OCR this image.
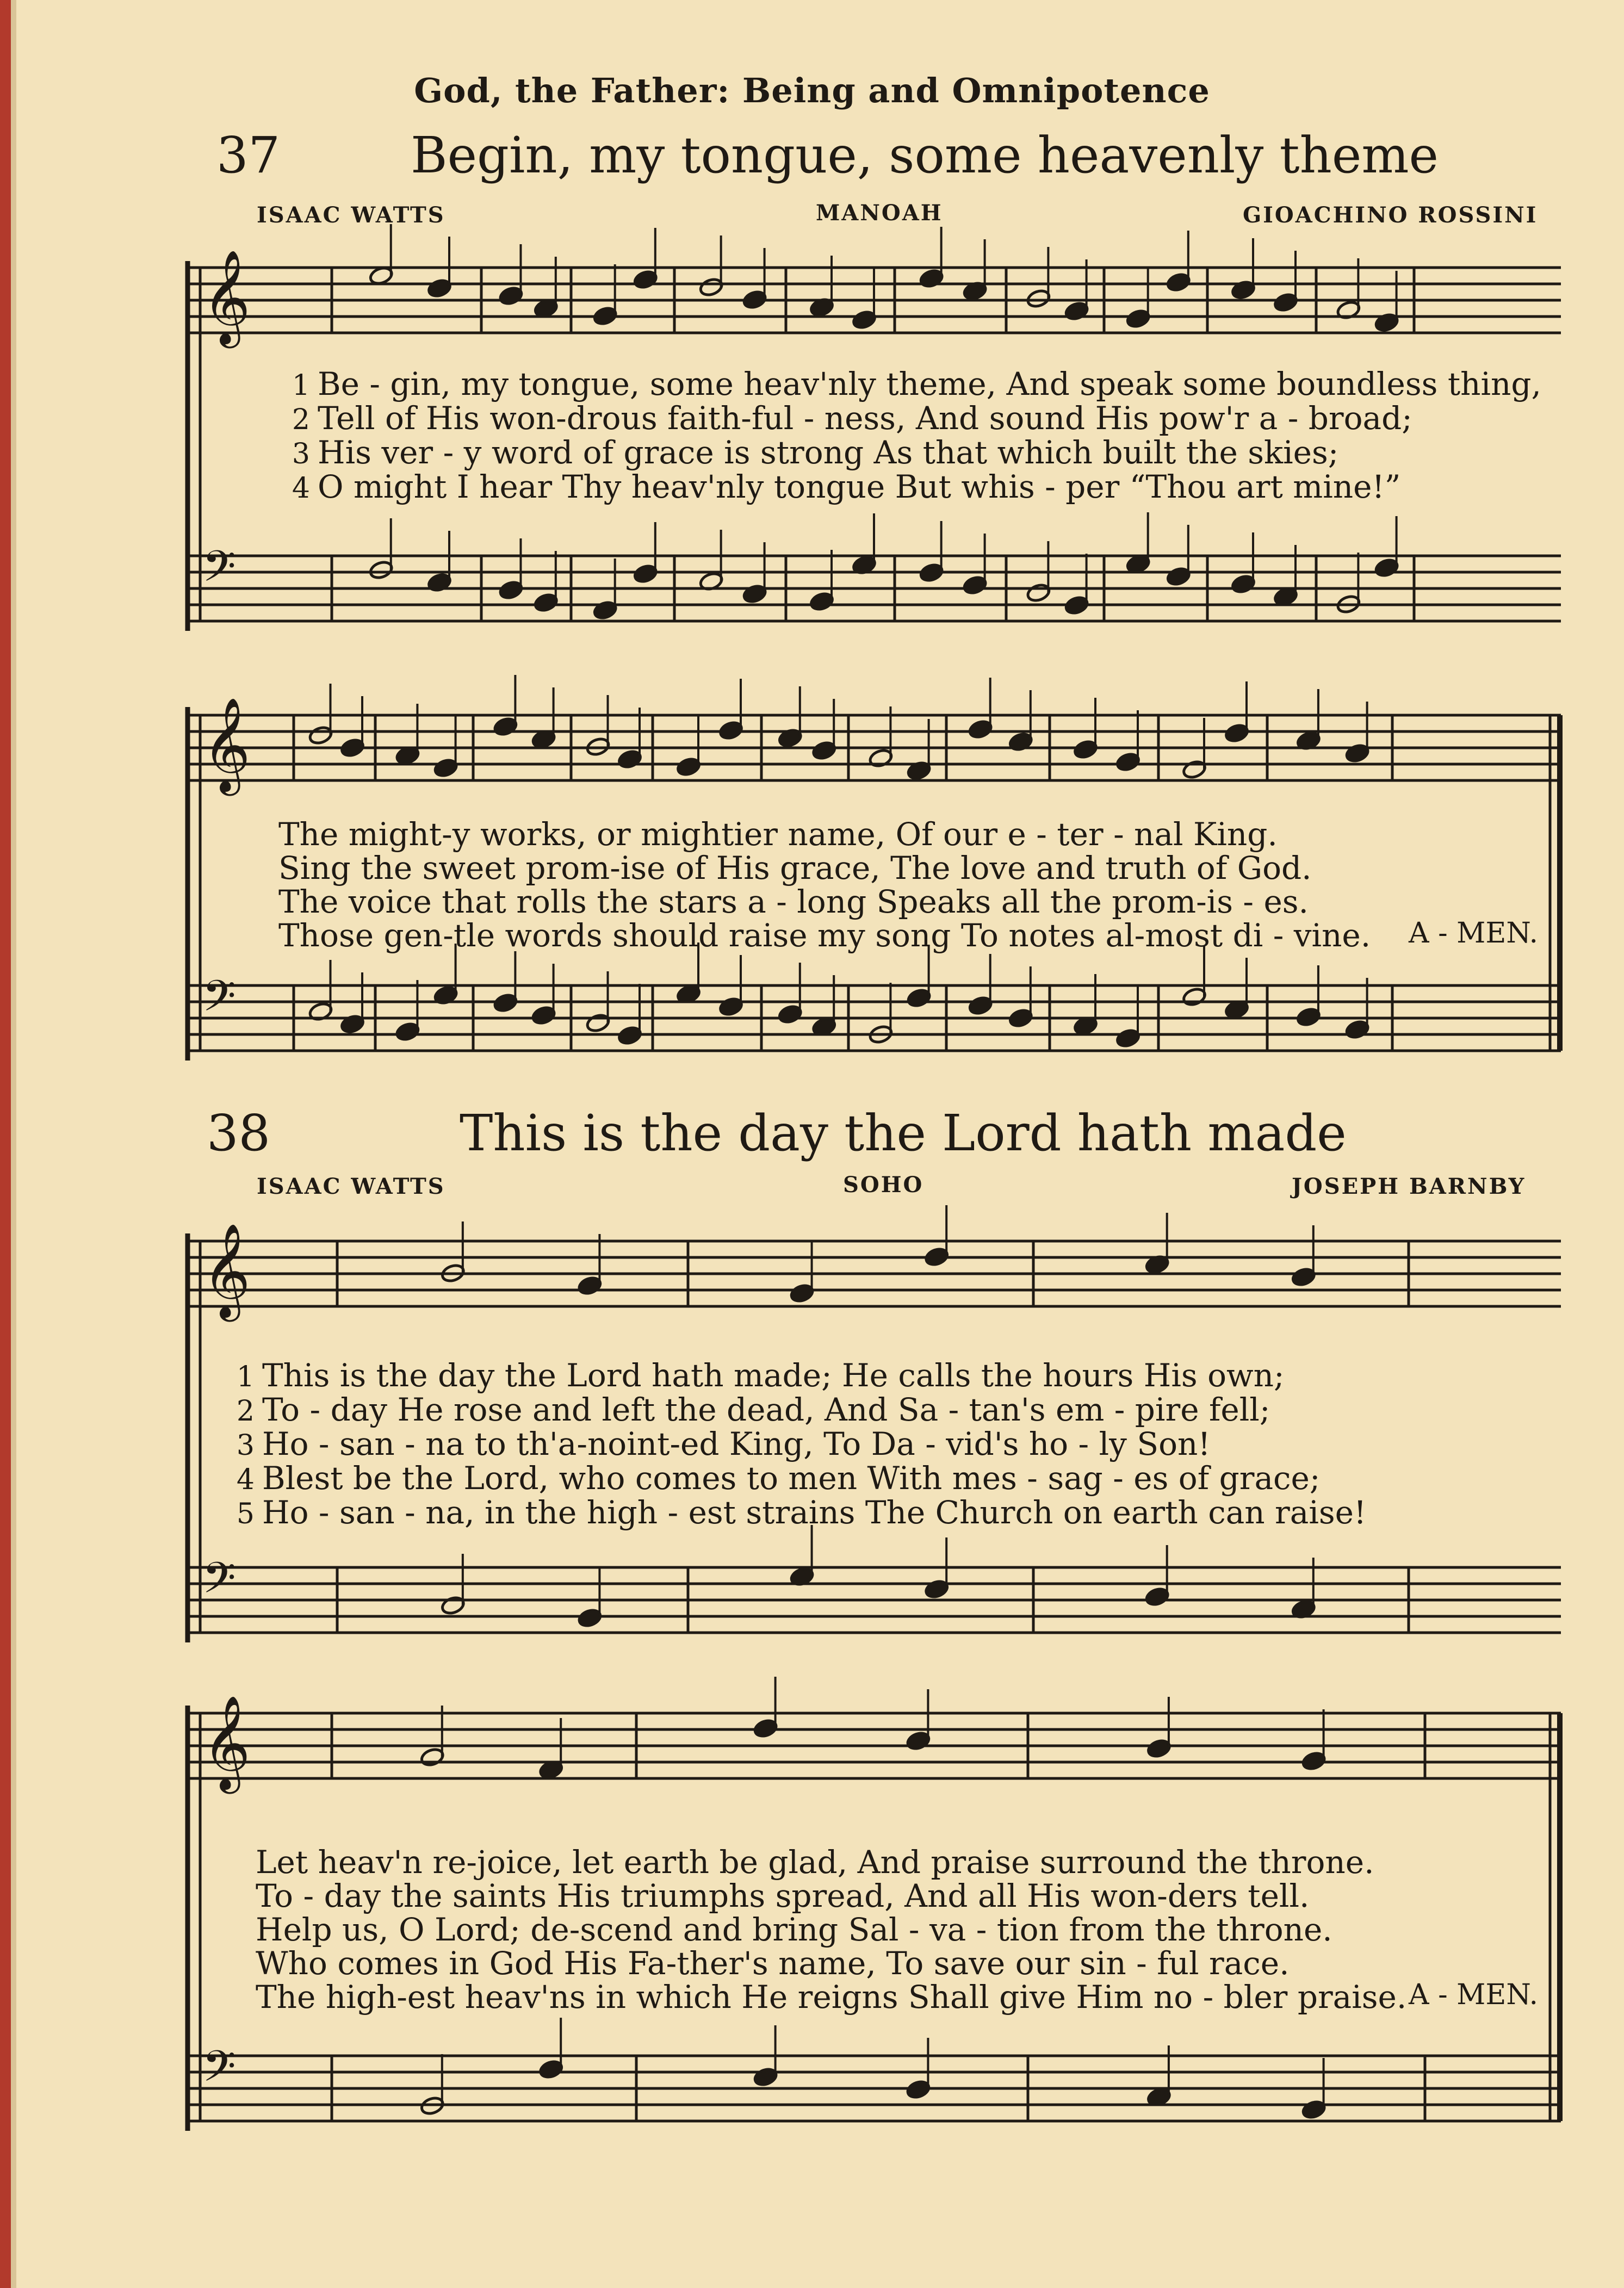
God, the Father: Being and Omnipotence
37	Begin, my tongue, some heavenly theme
ISAAC WATTS	MANOAH	GIOACHINO ROSSINI
1 Be - gin, my tongue, some heav'nly theme, And speak some boundless thing,
2 Tell of His won-drous faith-ful - ness, And sound His pow'r a - broad;
3 His ver - y word of grace is strong As that which built the skies;
4 O might I hear Thy heav'nly tongue But whis - per “Thou art mine!”
The might-y works, or mightier name, Of our e - ter - nal King.
Sing the sweet prom-ise of His grace, The love and truth of God.
The voice that rolls the stars a - long Speaks all the prom-is - es.
Those gen-tle words should raise my song To notes al-most di - vine. A - MEN.
38	This is the day the Lord hath made
ISAAC WATTS	SOHO	JOSEPH BARNBY
1 This is the day the Lord hath made; He calls the hours His own;
2 To - day He rose and left the dead, And Sa - tan's em - pire fell;
3 Ho - san - na to th'a-noint-ed King, To Da - vid's ho - ly Son!
4 Blest be the Lord, who comes to men With mes - sag - es of grace;
5 Ho - san - na, in the high - est strains The Church on earth can raise!
Let heav'n re-joice, let earth be glad, And praise surround the throne.
To - day the saints His triumphs spread, And all His won-ders tell.
Help us, O Lord; de-scend and bring Sal - va - tion from the throne.
Who comes in God His Fa-ther's name, To save our sin - ful race.
The high-est heav'ns in which He reigns Shall give Him no - bler praise. A - MEN.
𝄞
𝄢
𝄞
𝄢
𝄞
𝄢
𝄞
𝄢
